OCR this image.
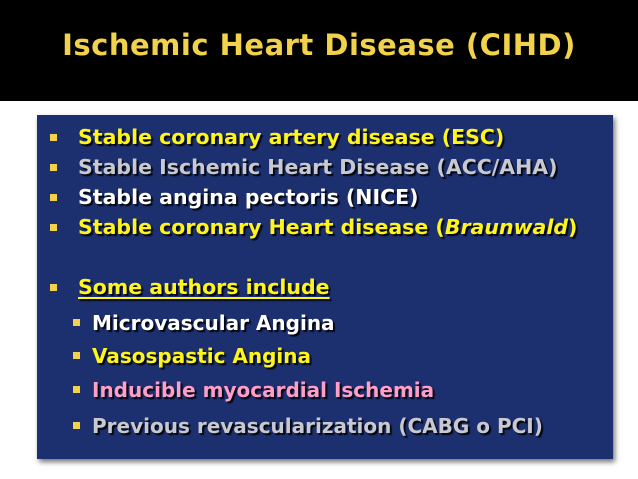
Ischemic Heart Disease (CIHD)
Stable coronary artery disease (ESC)
Stable Ischemic Heart Disease (ACC/AHA)
Stable angina pectoris (NICE)
Stable coronary Heart disease (Braunwald)
Some authors include
Microvascular Angina
Vasospastic Angina
Inducible myocardial Ischemia
Previous revascularization (CABG o PCI)
